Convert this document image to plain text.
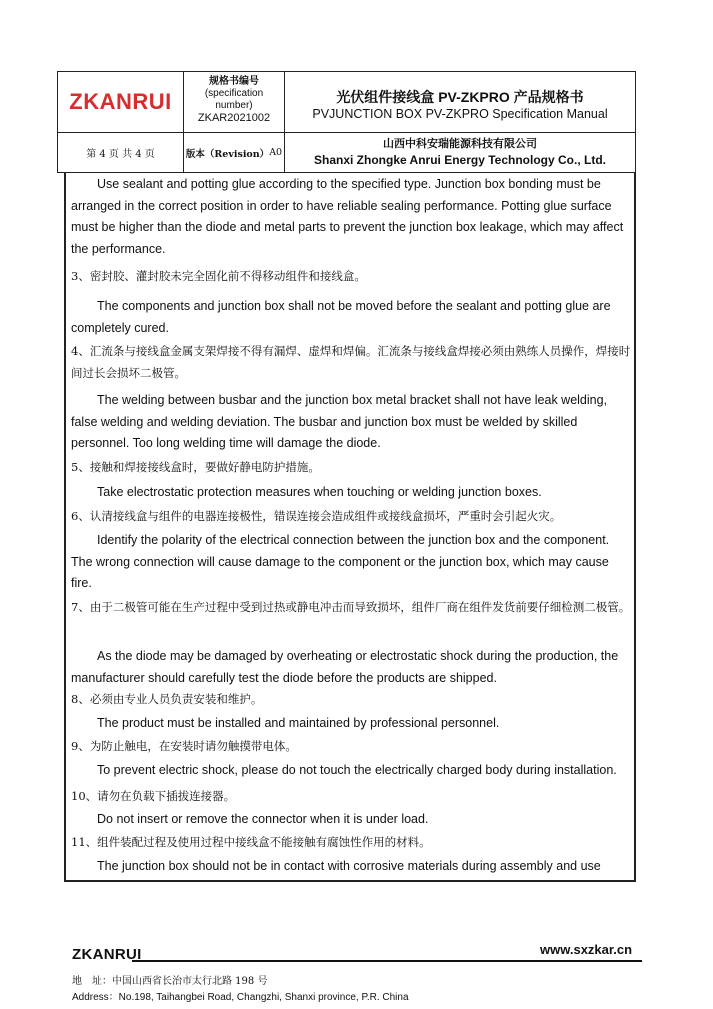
ZKANRUI
规格书编号
(specification
number)
ZKAR2021002
光伏组件接线盒 PV-ZKPRO 产品规格书
PVJUNCTION BOX PV-ZKPRO Specification Manual
第 4 页 共 4 页	版本（Revision） A0
山西中科安瑞能源科技有限公司
Shanxi Zhongke Anrui Energy Technology Co., Ltd.
Use sealant and potting glue according to the specified type. Junction box bonding must be arranged in the correct position in order to have reliable sealing performance. Potting glue surface must be higher than the diode and metal parts to prevent the junction box leakage, which may affect the performance.
3、密封胶、灌封胶未完全固化前不得移动组件和接线盒。
The components and junction box shall not be moved before the sealant and potting glue are completely cured.
4、汇流条与接线盒金属支架焊接不得有漏焊、虚焊和焊偏。汇流条与接线盒焊接必须由熟练人员操作，焊接时间过长会损坏二极管。
The welding between busbar and the junction box metal bracket shall not have leak welding, false welding and welding deviation. The busbar and junction box must be welded by skilled personnel. Too long welding time will damage the diode.
5、接触和焊接接线盒时，要做好静电防护措施。
Take electrostatic protection measures when touching or welding junction boxes.
6、认清接线盒与组件的电器连接极性，错误连接会造成组件或接线盒损坏，严重时会引起火灾。
Identify the polarity of the electrical connection between the junction box and the component. The wrong connection will cause damage to the component or the junction box, which may cause fire.
7、由于二极管可能在生产过程中受到过热或静电冲击而导致损坏，组件厂商在组件发货前要仔细检测二极管。
As the diode may be damaged by overheating or electrostatic shock during the production, the manufacturer should carefully test the diode before the products are shipped.
8、必须由专业人员负责安装和维护。
The product must be installed and maintained by professional personnel.
9、为防止触电，在安装时请勿触摸带电体。
To prevent electric shock, please do not touch the electrically charged body during installation.
10、请勿在负载下插拔连接器。
Do not insert or remove the connector when it is under load.
11、组件装配过程及使用过程中接线盒不能接触有腐蚀性作用的材料。
The junction box should not be in contact with corrosive materials during assembly and use
ZKANRUI	www.sxzkar.cn
地　址：中国山西省长治市太行北路 198 号
Address：No.198, Taihangbei Road, Changzhi, Shanxi province, P.R. China
